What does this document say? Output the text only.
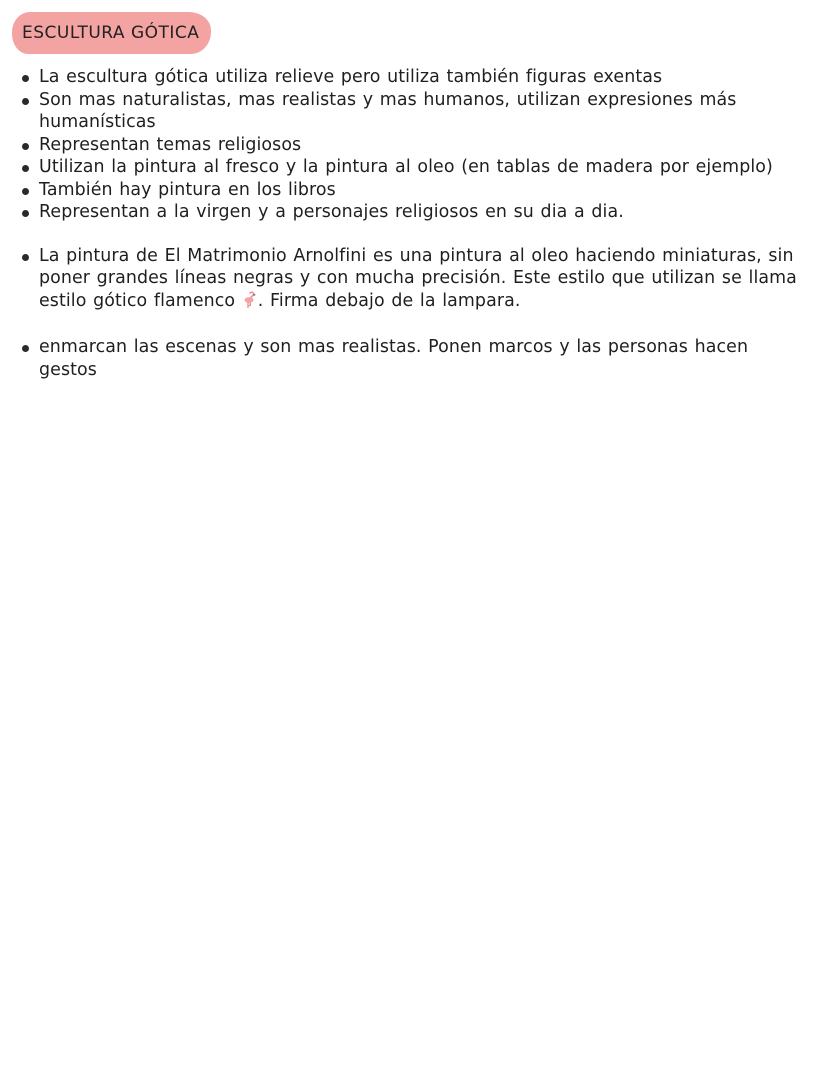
ESCULTURA GÓTICA
La escultura gótica utiliza relieve pero utiliza también figuras exentas
Son mas naturalistas, mas realistas y mas humanos, utilizan expresiones más humanísticas
Representan temas religiosos
Utilizan la pintura al fresco y la pintura al oleo (en tablas de madera por ejemplo)
También hay pintura en los libros
Representan a la virgen y a personajes religiosos en su dia a dia.
La pintura de El Matrimonio Arnolfini es una pintura al oleo haciendo miniaturas, sin poner grandes líneas negras y con mucha precisión. Este estilo que utilizan se llama estilo gótico flamenco . Firma debajo de la lampara.
enmarcan las escenas y son mas realistas. Ponen marcos y las personas hacen gestos
